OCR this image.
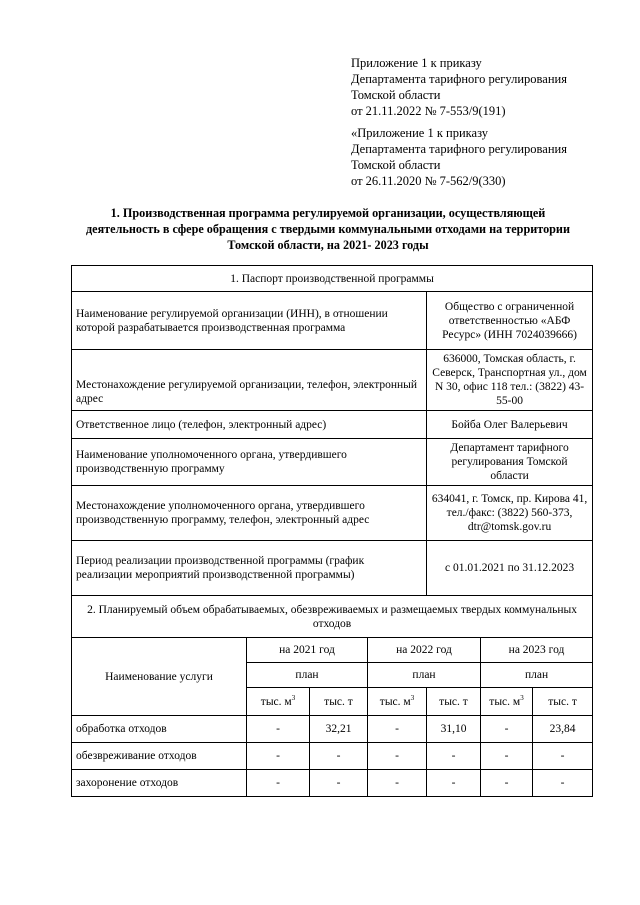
Приложение 1 к приказу
Департамента тарифного регулирования
Томской области
от 21.11.2022 № 7-553/9(191)
«Приложение 1 к приказу
Департамента тарифного регулирования
Томской области
от 26.11.2020 № 7-562/9(330)
1. Производственная программа регулируемой организации, осуществляющей
деятельность в сфере обращения с твердыми коммунальными отходами на территории
Томской области, на 2021- 2023 годы
1. Паспорт производственной программы						
Наименование регулируемой организации (ИНН), в отношении которой разрабатывается производственная программа				Общество с ограниченной ответственностью «АБФ Ресурс» (ИНН 7024039666)		
Местонахождение регулируемой организации, телефон, электронный адрес				636000, Томская область, г. Северск, Транспортная ул., дом N 30, офис 118 тел.: (3822) 43-55-00		
Ответственное лицо (телефон, электронный адрес)				Бойба Олег Валерьевич		
Наименование уполномоченного органа, утвердившего производственную программу				Департамент тарифного регулирования Томской области		
Местонахождение уполномоченного органа, утвердившего производственную программу, телефон, электронный адрес				634041, г. Томск, пр. Кирова 41, тел./факс: (3822) 560-373, dtr@tomsk.gov.ru		
Период реализации производственной программы (график реализации мероприятий производственной программы)				с 01.01.2021 по 31.12.2023		
2. Планируемый объем обрабатываемых, обезвреживаемых и размещаемых твердых коммунальных отходов						
Наименование услуги	на 2021 год		на 2022 год		на 2023 год	
	план		план		план	
	тыс. $м^3$	тыс. т	тыс. $м^3$	тыс. т	тыс. $м^3$	тыс. т
обработка отходов	-	32,21	-	31,10	-	23,84
обезвреживание отходов	-	-	-	-	-	-
захоронение отходов	-	-	-	-	-	-
